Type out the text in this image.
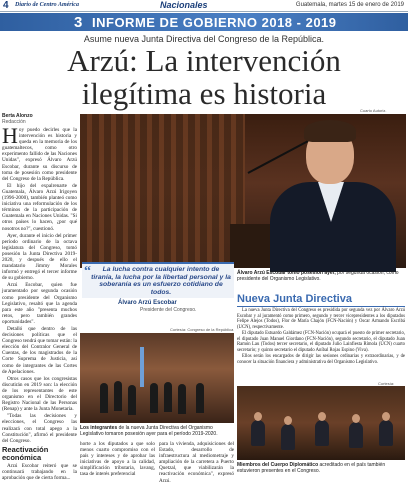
4 Diario de Centro América	Nacionales	Guatemala, martes 15 de enero de 2019
3 INFORME DE GOBIERNO 2018 - 2019
Asume nueva Junta Directiva del Congreso de la República.
Arzú: La intervención
ilegítima es historia
Berta Alonzo
Redacción

Hoy puedo decirles que la intervención es historia y queda en la memoria de los guatemaltecos, como otro experimento fallido de las Naciones Unidas", expresó Álvaro Arzú Escobar, durante su discurso de toma de posesión como presidente del Congreso de la República.

El hijo del expalrenarte de Guatemala, Álvaro Arzú Irigoyen (1996-2000), también planteó como iniciativa una reformulación de los términos de la participación de Guatemala en Naciones Unidas. "Si otros países lo hacen, ¿por qué nosotros no?", cuestionó.

Ayer, durante el inicio del primer período ordinario de la octava legislatura del Congreso, tomó posesión la Junta Directiva 2019-2020, y después de ello el mandatario Jimmy Morales informó y entregó el tercer informe de su gobierno.

Arzú Escobar, quien fue juramentado por segunda ocasión como presidente del Organismo Legislativo, resaltó que la agenda para este año "presenta muchos retos, pero también grandes oportunidades".

Detalló que dentro de las decisiones políticas que el Congreso tendrá que tomar están: la elección del Contralor General de Cuentas, de los magistrados de la Corte Suprema de Justicia, así como de integrantes de las Cortes de Apelaciones.

Otros casos que los congresistas discutirán en 2019 son: la elección de los representantes de este organismo en el Directorio del Registro Nacional de las Personas (Renap) y ante la Junta Monetaria.

"Todas las decisiones y elecciones, el Congreso las realizará con total apego a la Constitución", afirmó el presidente del Congreso.

Reactivación económica

Arzú Escobar reiteró que se continuará trabajando en la aprobación que de cierta forma...

Cuarto Autoriz.
“	La lucha contra cualquier intento de tiranía, la lucha por la libertad personal y la soberanía es un esfuerzo cotidiano de todos.
Álvaro Arzú Escobar
Presidente del Congreso.
Álvaro Arzú Escobar tomó posesión ayer, por segunda ocasión, como presidente del Organismo Legislativo.
Nueva Junta Directiva

La nueva Junta Directiva del Congreso es presidida por segunda vez por Álvaro Arzú Escobar y al juramentó como primero, segundo y tercer vicepresidentes a los diputados Felipe Alejos (Todos), Flor de María Chajón (FCN-Nación) y Oscar Armando Escribá (UCN), respectivamente.

El diputado Estuardo Galdámez (FCN-Nación) ocupará el puesto de primer secretario, el diputado Juan Manuel Giordano (FCN-Nación), segundo secretario, el diputado Juan Ramón Lau (Todos) tercer secretario, el diputado Julio Lainfiesta Rímola (UCN) cuarto secretario; y quinto secretario el diputado Aníbal Rojas Espino (Viva).

Ellos serán los encargados de dirigir las sesiones ordinarias y extraordinarias, y de conocer la situación financiera y administrativa del Organismo Legislativo.

Cortesía: Congreso de la República
Los integrantes de la nueva Junta Directiva del Organismo Legislativo tomaron posesión ayer para el período 2019-2020.

horte a los diputados a que solo menos cuarto compromiso con el país y intereses y de aprobar las iniciativas de apoyo a la calidad, simplificación tributaria, lavang, tasa de interés preferencial

para la vivienda, adquisiciones del Estado, desarrollo de infraestructura al mediometraje y ampliación de la carretera a Puerto Quetzal, que viabilizarán la reactivación económica", expresó Arzú.

Cortesía:
Miembros del Cuerpo Diplomático acreditado en el país también estuvieron presentes en el Congreso.
